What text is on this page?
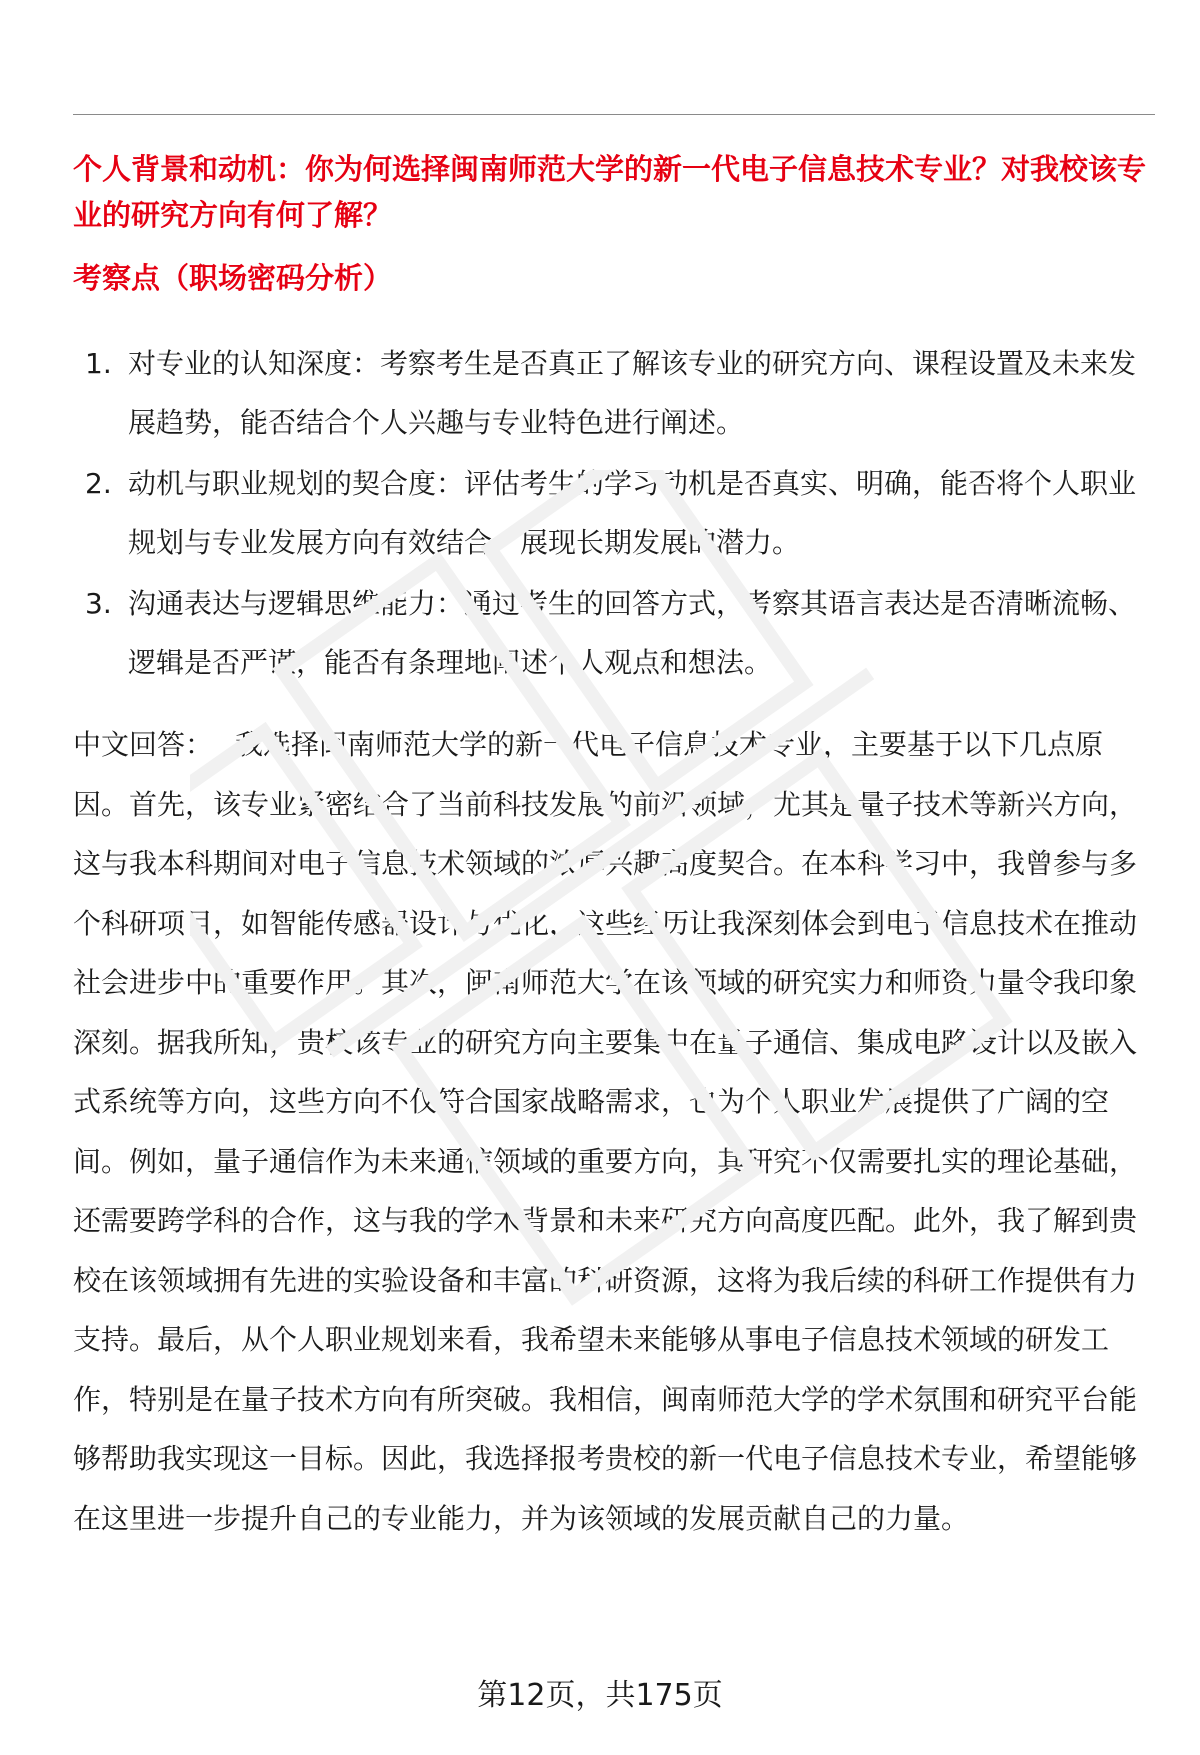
个人背景和动机：你为何选择闽南师范大学的新一代电子信息技术专业？对我校该专业的研究方向有何了解？
考察点（职场密码分析）
1. 对专业的认知深度：考察考生是否真正了解该专业的研究方向、课程设置及未来发展趋势，能否结合个人兴趣与专业特色进行阐述。
2. 动机与职业规划的契合度：评估考生的学习动机是否真实、明确，能否将个人职业规划与专业发展方向有效结合，展现长期发展的潜力。
3. 沟通表达与逻辑思维能力：通过考生的回答方式，考察其语言表达是否清晰流畅、逻辑是否严谨，能否有条理地阐述个人观点和想法。

中文回答： 我选择闽南师范大学的新一代电子信息技术专业，主要基于以下几点原因。首先，该专业紧密结合了当前科技发展的前沿领域，尤其是量子技术等新兴方向，这与我本科期间对电子信息技术领域的浓厚兴趣高度契合。在本科学习中，我曾参与多个科研项目，如智能传感器设计与优化，这些经历让我深刻体会到电子信息技术在推动社会进步中的重要作用。其次，闽南师范大学在该领域的研究实力和师资力量令我印象深刻。据我所知，贵校该专业的研究方向主要集中在量子通信、集成电路设计以及嵌入式系统等方向，这些方向不仅符合国家战略需求，也为个人职业发展提供了广阔的空间。例如，量子通信作为未来通信领域的重要方向，其研究不仅需要扎实的理论基础，还需要跨学科的合作，这与我的学术背景和未来研究方向高度匹配。此外，我了解到贵校在该领域拥有先进的实验设备和丰富的科研资源，这将为我后续的科研工作提供有力支持。最后，从个人职业规划来看，我希望未来能够从事电子信息技术领域的研发工作，特别是在量子技术方向有所突破。我相信，闽南师范大学的学术氛围和研究平台能够帮助我实现这一目标。因此，我选择报考贵校的新一代电子信息技术专业，希望能够在这里进一步提升自己的专业能力，并为该领域的发展贡献自己的力量。

第12页，共175页
